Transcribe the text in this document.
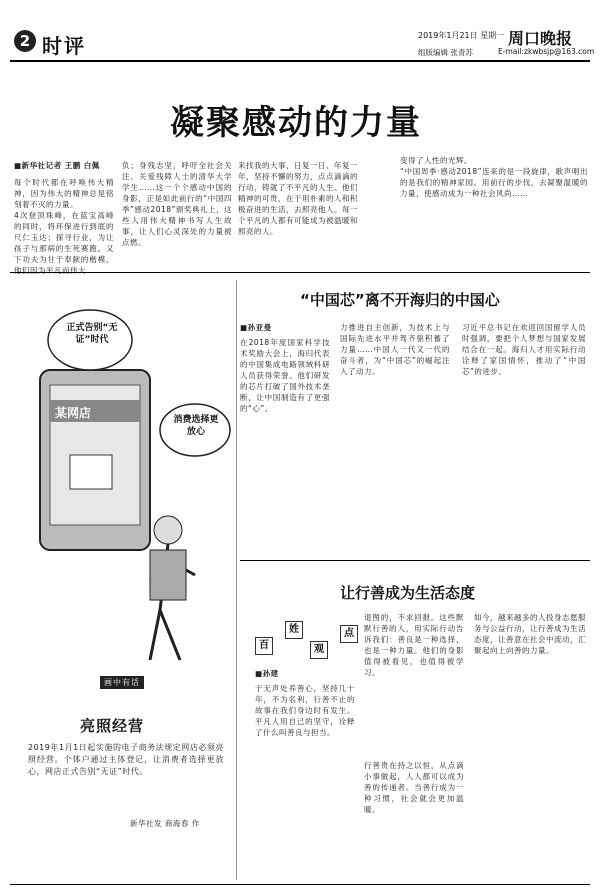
2 时评	2019年1月21日 星期一 周口晚报
组版编辑 张青苏	E-mail:zkwbsjp@163.com
凝聚感动的力量
■新华社记者 王鹏 白佩
每个时代都在呼唤伟大精神，因为伟大的精神总是铭刻着不灭的力量。
4次登顶珠峰，在蓝宝高峰的同时，将环保进行到底的尺仁玉达；探寻行业，为让孩子与那病的生死赛跑。又下功夫为甘于奉献的楷模，他们因为平凡而伟大……
负；身残志坚，呼吁全社会关注、关爱残障人士的清华大学学生……这一个个感动中国的身影，正是如此前行的“中国四季”感动2018”颁奖典礼上，这些人用伟大精神书写人生故事，让人们心灵深处的力量被点燃。
来找我的大事，日复一日、年复一年，坚持不懈的努力，点点滴滴的行动，铸就了不平凡的人生。他们精神的可贵，在于用朴素的人和积极奋进的生活，去照亮他人。每一个平凡的人都有可能成为被温暖和照亮的人。
变得了人性的光辉。
“中国周季·感动2018”连来的是一段旋律，歌声唱出的是我们的精神家园。用前行的步伐，去凝聚温暖的力量，使感动成为一种社会风尚……
“中国芯”离不开海归的中国心
■孙亚曼
在2018年度国家科学技术奖励大会上，海归代表的中国集成电路领域科研人员获得荣誉。他们研发的芯片打破了国外技术垄断，让中国制造有了更强的“心”。
力推进自主创新，为技术上与国际先进水平并驾齐驱积蓄了力量……中国人一代又一代的奋斗者，为“中国芯”的崛起注入了动力。
习近平总书记在欢迎回国留学人员时强调，要把个人梦想与国家发展结合在一起。海归人才用实际行动诠释了家国情怀，推动了“中国芯”的进步。
正式告别“无证”时代
消费选择更放心
某网店
画中有话
亮照经营
2019年1月1日起实施的电子商务法规定网店必须亮照经营。个体户通过主体登记，让消费者选择更放心，网店正式告别“无证”时代。
新华社发 商海春 作
让行善成为生活态度
百
姓
观
点
■孙建
于无声处养善心，坚持几十年，不为名利，行善不止的故事在我们身边时有发生。平凡人用自己的坚守，诠释了什么叫善良与担当。
退图的，不求回报。这些默默行善的人，用实际行动告诉我们：善良是一种选择，也是一种力量。他们的身影值得被看见，也值得被学习。
行善贵在持之以恒，从点滴小事做起，人人都可以成为善的传递者。当善行成为一种习惯，社会就会更加温暖。
如今，越来越多的人投身志愿服务与公益行动，让行善成为生活态度，让善意在社会中流动，汇聚起向上向善的力量。
